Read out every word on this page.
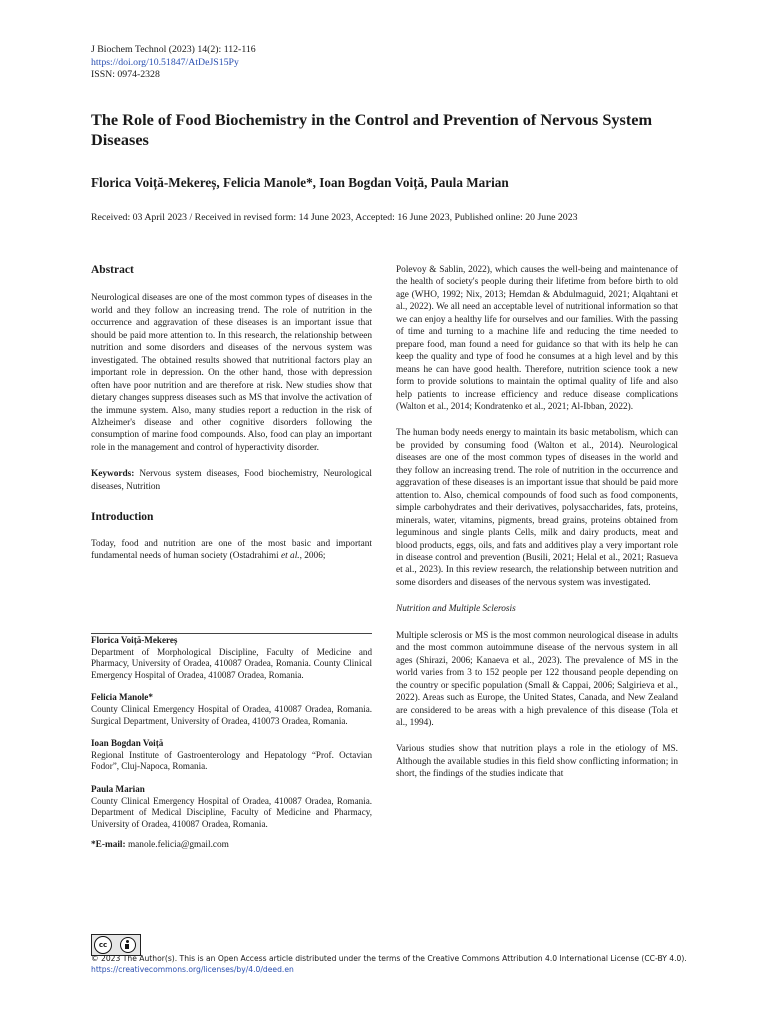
J Biochem Technol (2023) 14(2): 112-116
https://doi.org/10.51847/AtDeJS15Py
ISSN: 0974-2328
The Role of Food Biochemistry in the Control and Prevention of Nervous System Diseases
Florica Voiță-Mekereș, Felicia Manole*, Ioan Bogdan Voiță, Paula Marian
Received: 03 April 2023 / Received in revised form: 14 June 2023, Accepted: 16 June 2023, Published online: 20 June 2023
Abstract

Neurological diseases are one of the most common types of diseases in the world and they follow an increasing trend. The role of nutrition in the occurrence and aggravation of these diseases is an important issue that should be paid more attention to. In this research, the relationship between nutrition and some disorders and diseases of the nervous system was investigated. The obtained results showed that nutritional factors play an important role in depression. On the other hand, those with depression often have poor nutrition and are therefore at risk. New studies show that dietary changes suppress diseases such as MS that involve the activation of the immune system. Also, many studies report a reduction in the risk of Alzheimer's disease and other cognitive disorders following the consumption of marine food compounds. Also, food can play an important role in the management and control of hyperactivity disorder.

Keywords: Nervous system diseases, Food biochemistry, Neurological diseases, Nutrition

Introduction

Today, food and nutrition are one of the most basic and important fundamental needs of human society (Ostadrahimi et al., 2006;

Florica Voiță-Mekereș
Department of Morphological Discipline, Faculty of Medicine and Pharmacy, University of Oradea, 410087 Oradea, Romania. County Clinical Emergency Hospital of Oradea, 410087 Oradea, Romania.
Felicia Manole*
County Clinical Emergency Hospital of Oradea, 410087 Oradea, Romania. Surgical Department, University of Oradea, 410073 Oradea, Romania.
Ioan Bogdan Voiță
Regional Institute of Gastroenterology and Hepatology “Prof. Octavian Fodor”, Cluj-Napoca, Romania.
Paula Marian
County Clinical Emergency Hospital of Oradea, 410087 Oradea, Romania. Department of Medical Discipline, Faculty of Medicine and Pharmacy, University of Oradea, 410087 Oradea, Romania.
*E-mail: manole.felicia@gmail.com

Polevoy & Sablin, 2022), which causes the well-being and maintenance of the health of society's people during their lifetime from before birth to old age (WHO, 1992; Nix, 2013; Hemdan & Abdulmaguid, 2021; Alqahtani et al., 2022). We all need an acceptable level of nutritional information so that we can enjoy a healthy life for ourselves and our families. With the passing of time and turning to a machine life and reducing the time needed to prepare food, man found a need for guidance so that with its help he can keep the quality and type of food he consumes at a high level and by this means he can have good health. Therefore, nutrition science took a new form to provide solutions to maintain the optimal quality of life and also help patients to increase efficiency and reduce disease complications (Walton et al., 2014; Kondratenko et al., 2021; Al-Ibban, 2022).

The human body needs energy to maintain its basic metabolism, which can be provided by consuming food (Walton et al., 2014). Neurological diseases are one of the most common types of diseases in the world and they follow an increasing trend. The role of nutrition in the occurrence and aggravation of these diseases is an important issue that should be paid more attention to. Also, chemical compounds of food such as food components, simple carbohydrates and their derivatives, polysaccharides, fats, proteins, minerals, water, vitamins, pigments, bread grains, proteins obtained from leguminous and single plants Cells, milk and dairy products, meat and blood products, eggs, oils, and fats and additives play a very important role in disease control and prevention (Busili, 2021; Helal et al., 2021; Rasueva et al., 2023). In this review research, the relationship between nutrition and some disorders and diseases of the nervous system was investigated.

Nutrition and Multiple Sclerosis

Multiple sclerosis or MS is the most common neurological disease in adults and the most common autoimmune disease of the nervous system in all ages (Shirazi, 2006; Kanaeva et al., 2023). The prevalence of MS in the world varies from 3 to 152 people per 122 thousand people depending on the country or specific population (Small & Cappai, 2006; Salgirieva et al., 2022). Areas such as Europe, the United States, Canada, and New Zealand are considered to be areas with a high prevalence of this disease (Tola et al., 1994).

Various studies show that nutrition plays a role in the etiology of MS. Although the available studies in this field show conflicting information; in short, the findings of the studies indicate that

cc
© 2023 The Author(s). This is an Open Access article distributed under the terms of the Creative Commons Attribution 4.0 International License (CC-BY 4.0).
https://creativecommons.org/licenses/by/4.0/deed.en
